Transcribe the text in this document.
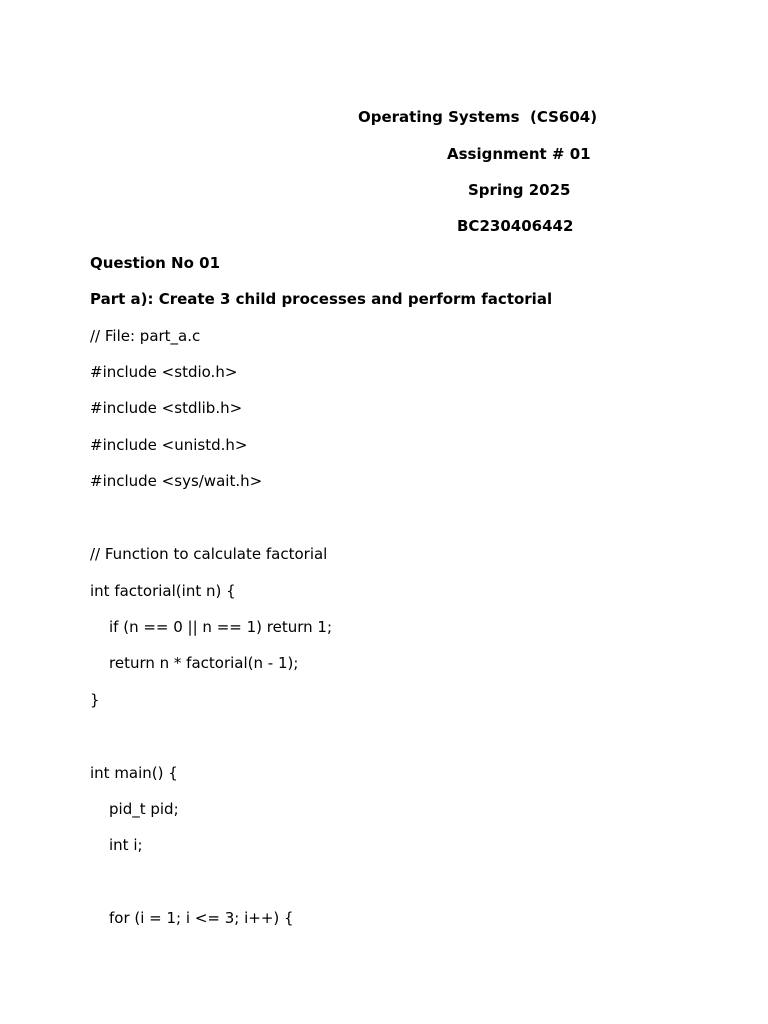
Operating Systems  (CS604)
Assignment # 01
Spring 2025
BC230406442
Question No 01
Part a): Create 3 child processes and perform factorial
// File: part_a.c
#include <stdio.h>
#include <stdlib.h>
#include <unistd.h>
#include <sys/wait.h>
// Function to calculate factorial
int factorial(int n) {
if (n == 0 || n == 1) return 1;
return n * factorial(n - 1);
}
int main() {
pid_t pid;
int i;
for (i = 1; i <= 3; i++) {
